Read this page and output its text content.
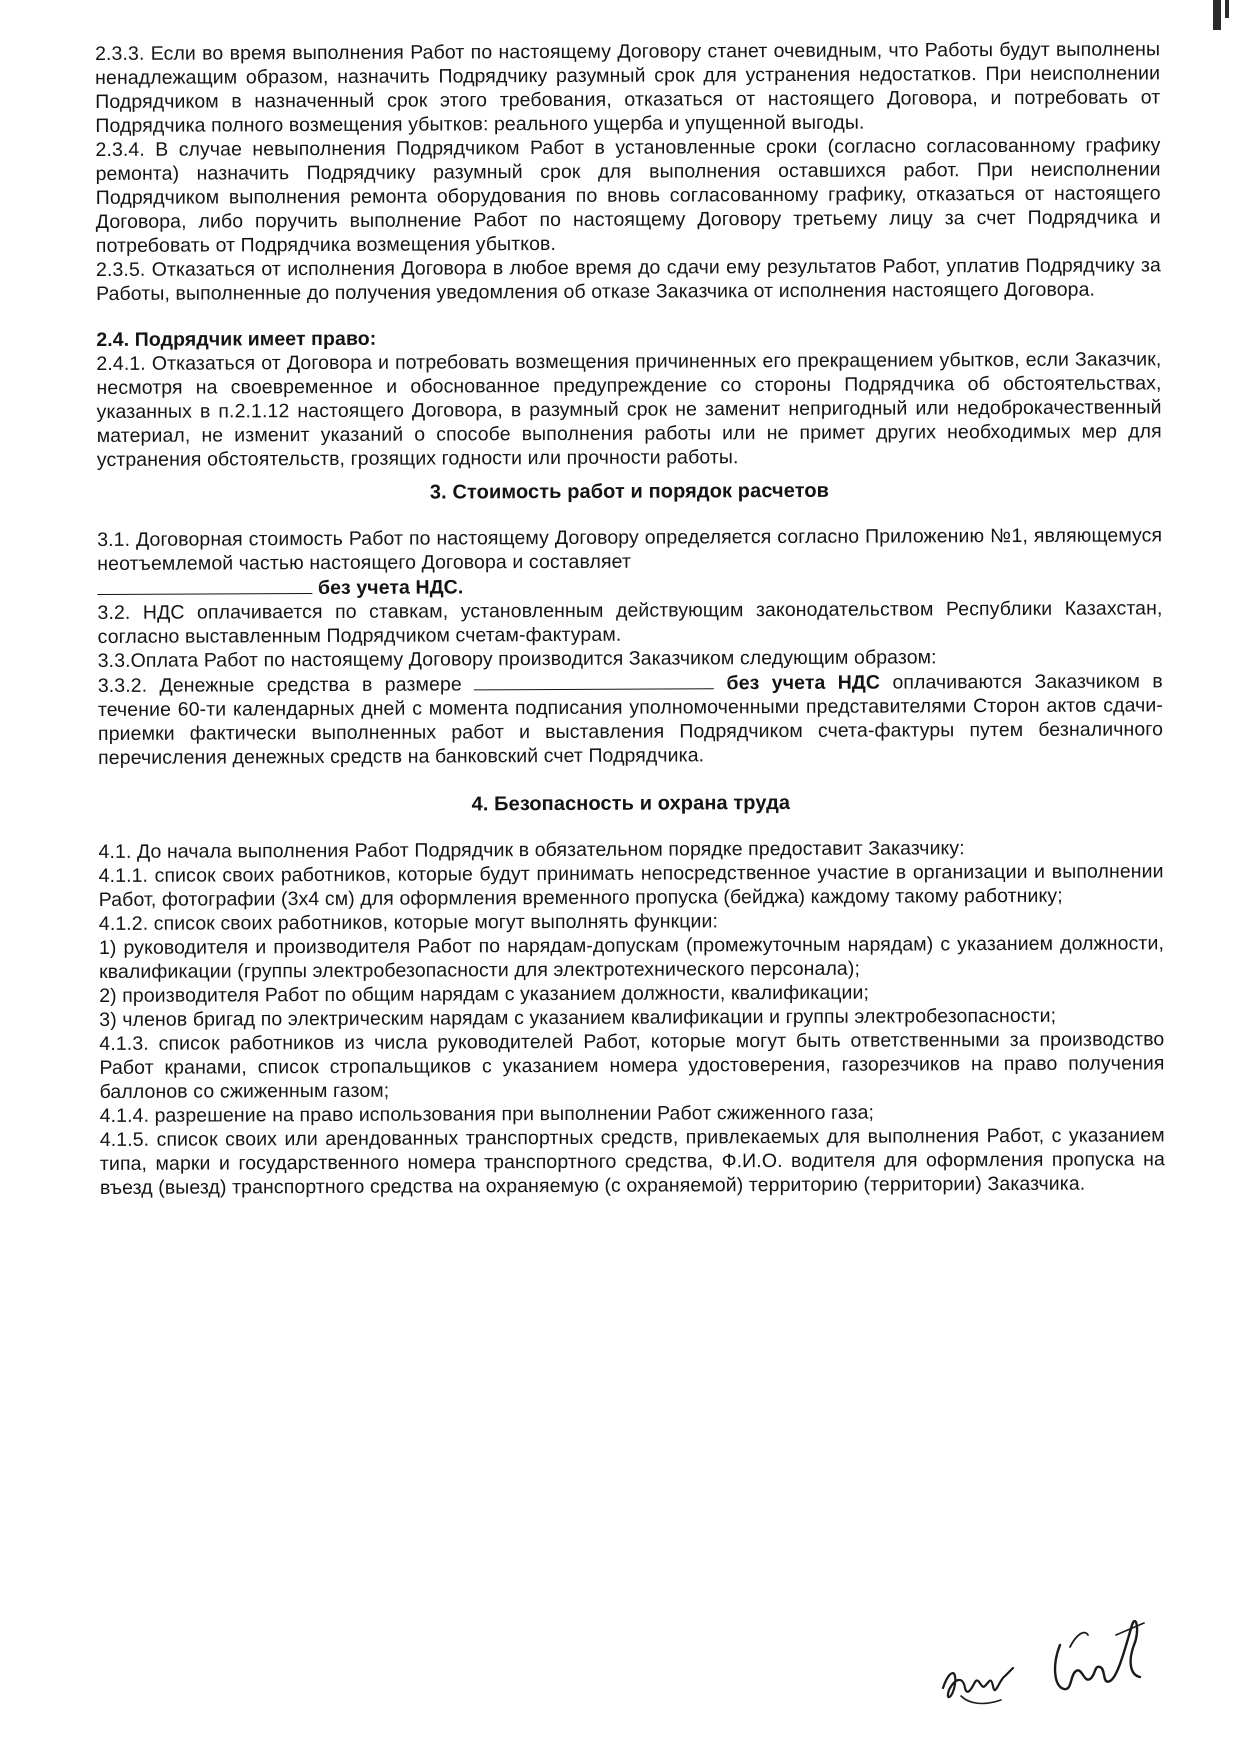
2.3.3. Если во время выполнения Работ по настоящему Договору станет очевидным, что Работы будут выполнены ненадлежащим образом, назначить Подрядчику разумный срок для устранения недостатков. При неисполнении Подрядчиком в назначенный срок этого требования, отказаться от настоящего Договора, и потребовать от Подрядчика полного возмещения убытков: реального ущерба и упущенной выгоды.

2.3.4. В случае невыполнения Подрядчиком Работ в установленные сроки (согласно согласованному графику ремонта) назначить Подрядчику разумный срок для выполнения оставшихся работ. При неисполнении Подрядчиком выполнения ремонта оборудования по вновь согласованному графику, отказаться от настоящего Договора, либо поручить выполнение Работ по настоящему Договору третьему лицу за счет Подрядчика и потребовать от Подрядчика возмещения убытков.

2.3.5. Отказаться от исполнения Договора в любое время до сдачи ему результатов Работ, уплатив Подрядчику за Работы, выполненные до получения уведомления об отказе Заказчика от исполнения настоящего Договора.

2.4. Подрядчик имеет право:

2.4.1. Отказаться от Договора и потребовать возмещения причиненных его прекращением убытков, если Заказчик, несмотря на своевременное и обоснованное предупреждение со стороны Подрядчика об обстоятельствах, указанных в п.2.1.12 настоящего Договора, в разумный срок не заменит непригодный или недоброкачественный материал, не изменит указаний о способе выполнения работы или не примет других необходимых мер для устранения обстоятельств, грозящих годности или прочности работы.

3. Стоимость работ и порядок расчетов

3.1. Договорная стоимость Работ по настоящему Договору определяется согласно Приложению №1, являющемуся неотъемлемой частью настоящего Договора и составляет

без учета НДС.

3.2. НДС оплачивается по ставкам, установленным действующим законодательством Республики Казахстан, согласно выставленным Подрядчиком счетам-фактурам.

3.3.Оплата Работ по настоящему Договору производится Заказчиком следующим образом:

3.3.2. Денежные средства в размере	без учета НДС оплачиваются Заказчиком в течение 60-ти календарных дней с момента подписания уполномоченными представителями Сторон актов сдачи-приемки фактически выполненных работ и выставления Подрядчиком счета-фактуры путем безналичного перечисления денежных средств на банковский счет Подрядчика.

4. Безопасность и охрана труда

4.1. До начала выполнения Работ Подрядчик в обязательном порядке предоставит Заказчику:

4.1.1. список своих работников, которые будут принимать непосредственное участие в организации и выполнении Работ, фотографии (3х4 см) для оформления временного пропуска (бейджа) каждому такому работнику;

4.1.2. список своих работников, которые могут выполнять функции:

1) руководителя и производителя Работ по нарядам-допускам (промежуточным нарядам) с указанием должности, квалификации (группы электробезопасности для электротехнического персонала);

2) производителя Работ по общим нарядам с указанием должности, квалификации;

3) членов бригад по электрическим нарядам с указанием квалификации и группы электробезопасности;

4.1.3. список работников из числа руководителей Работ, которые могут быть ответственными за производство Работ кранами, список стропальщиков с указанием номера удостоверения, газорезчиков на право получения баллонов со сжиженным газом;

4.1.4. разрешение на право использования при выполнении Работ сжиженного газа;

4.1.5. список своих или арендованных транспортных средств, привлекаемых для выполнения Работ, с указанием типа, марки и государственного номера транспортного средства, Ф.И.О. водителя для оформления пропуска на въезд (выезд) транспортного средства на охраняемую (с охраняемой) территорию (территории) Заказчика.
